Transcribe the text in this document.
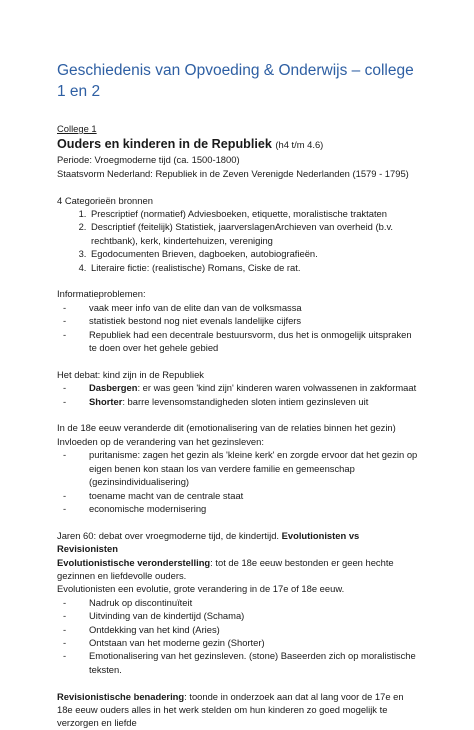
Geschiedenis van Opvoeding & Onderwijs – college 1 en 2
College 1
Ouders en kinderen in de Republiek (h4 t/m 4.6)
Periode: Vroegmoderne tijd (ca. 1500-1800)
Staatsvorm Nederland: Republiek in de Zeven Verenigde Nederlanden (1579 - 1795)
4 Categorieën bronnen
1. Prescriptief (normatief) Adviesboeken, etiquette, moralistische traktaten
2. Descriptief (feitelijk) Statistiek, jaarverslagenArchieven van overheid (b.v. rechtbank), kerk, kindertehuizen, vereniging
3. Egodocumenten Brieven, dagboeken, autobiografieën.
4. Literaire fictie: (realistische) Romans, Ciske de rat.
Informatieproblemen:
- vaak meer info van de elite dan van de volksmassa
- statistiek bestond nog niet evenals landelijke cijfers
- Republiek had een decentrale bestuursvorm, dus het is onmogelijk uitspraken te doen over het gehele gebied
Het debat: kind zijn in de Republiek
- Dasbergen: er was geen 'kind zijn' kinderen waren volwassenen in zakformaat
- Shorter: barre levensomstandigheden sloten intiem gezinsleven uit
In de 18e eeuw veranderde dit (emotionalisering van de relaties binnen het gezin)
Invloeden op de verandering van het gezinsleven:
- puritanisme: zagen het gezin als 'kleine kerk' en zorgde ervoor dat het gezin op eigen benen kon staan los van verdere familie en gemeenschap (gezinsindividualisering)
- toename macht van de centrale staat
- economische modernisering
Jaren 60: debat over vroegmoderne tijd, de kindertijd. Evolutionisten vs Revisionisten
Evolutionistische veronderstelling: tot de 18e eeuw bestonden er geen hechte gezinnen en liefdevolle ouders.
Evolutionisten een evolutie, grote verandering in de 17e of 18e eeuw.
- Nadruk op discontinuïteit
- Uitvinding van de kindertijd (Schama)
- Ontdekking van het kind (Aries)
- Ontstaan van het moderne gezin (Shorter)
- Emotionalisering van het gezinsleven. (stone) Baseerden zich op moralistische teksten.
Revisionistische benadering: toonde in onderzoek aan dat al lang voor de 17e en 18e eeuw ouders alles in het werk stelden om hun kinderen zo goed mogelijk te verzorgen en liefde
